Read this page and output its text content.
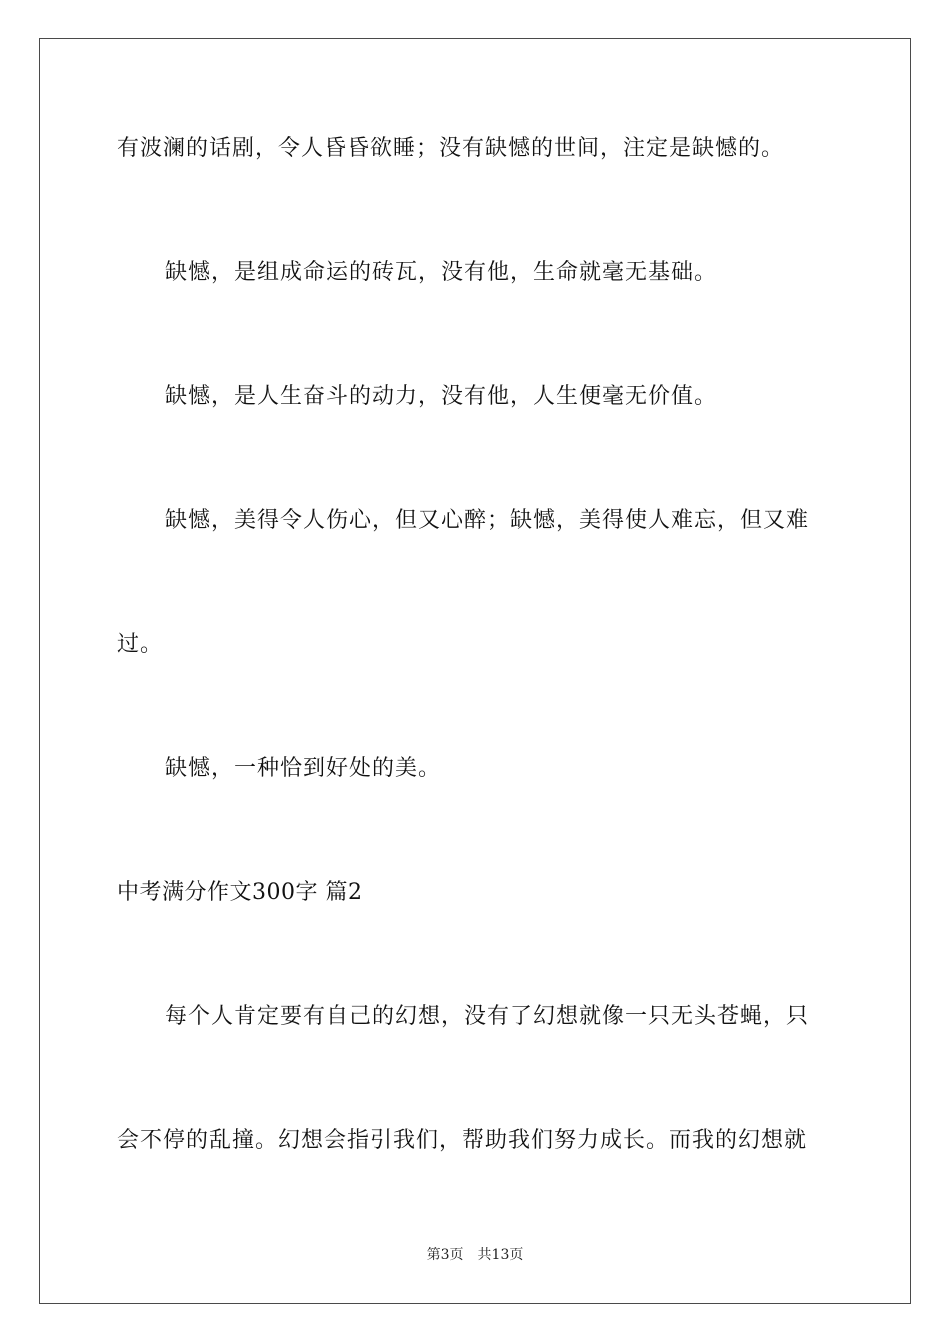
有波澜的话剧，令人昏昏欲睡；没有缺憾的世间，注定是缺憾的。
缺憾，是组成命运的砖瓦，没有他，生命就毫无基础。
缺憾，是人生奋斗的动力，没有他，人生便毫无价值。
缺憾，美得令人伤心，但又心醉；缺憾，美得使人难忘，但又难
过。
缺憾，一种恰到好处的美。
中考满分作文300字 篇2
每个人肯定要有自己的幻想，没有了幻想就像一只无头苍蝇，只
会不停的乱撞。幻想会指引我们，帮助我们努力成长。而我的幻想就
第3页　共13页
